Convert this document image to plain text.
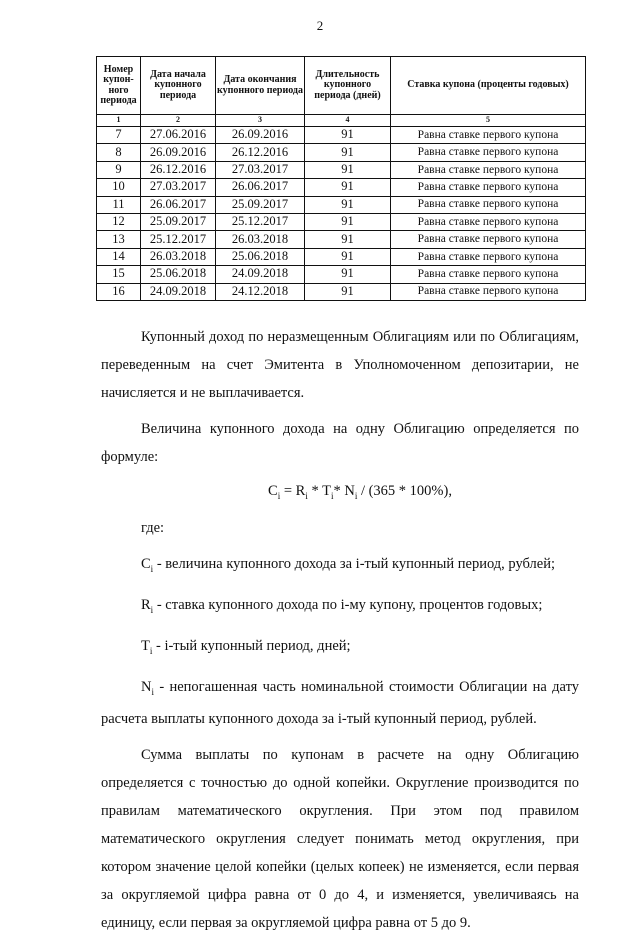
2
Номер купон-ного периода	Дата начала купонного периода	Дата окончания купонного периода	Длительность купонного периода (дней)	Ставка купона (проценты годовых)
1	2	3	4	5
7	27.06.2016	26.09.2016	91	Равна ставке первого купона
8	26.09.2016	26.12.2016	91	Равна ставке первого купона
9	26.12.2016	27.03.2017	91	Равна ставке первого купона
10	27.03.2017	26.06.2017	91	Равна ставке первого купона
11	26.06.2017	25.09.2017	91	Равна ставке первого купона
12	25.09.2017	25.12.2017	91	Равна ставке первого купона
13	25.12.2017	26.03.2018	91	Равна ставке первого купона
14	26.03.2018	25.06.2018	91	Равна ставке первого купона
15	25.06.2018	24.09.2018	91	Равна ставке первого купона
16	24.09.2018	24.12.2018	91	Равна ставке первого купона

Купонный доход по неразмещенным Облигациям или по Облигациям, переведенным на счет Эмитента в Уполномоченном депозитарии, не начисляется и не выплачивается.

Величина купонного дохода на одну Облигацию определяется по формуле:

$C_i = R_i * T_i*$ $N_i / (365 * 100\%)$,

где:

$C_i$ - величина купонного дохода за i-тый купонный период, рублей;

$R_i$ - ставка купонного дохода по i-му купону, процентов годовых;

$T_i - i-тый$ купонный период, дней;

$N_i$ - непогашенная часть номинальной стоимости Облигации на дату расчета выплаты купонного дохода за i-тый купонный период, рублей.

Сумма выплаты по купонам в расчете на одну Облигацию определяется с точностью до одной копейки. Округление производится по правилам математического округления. При этом под правилом математического округления следует понимать метод округления, при котором значение целой копейки (целых копеек) не изменяется, если первая за округляемой цифра равна от 0 до 4, и изменяется, увеличиваясь на единицу, если первая за округляемой цифра равна от 5 до 9.
